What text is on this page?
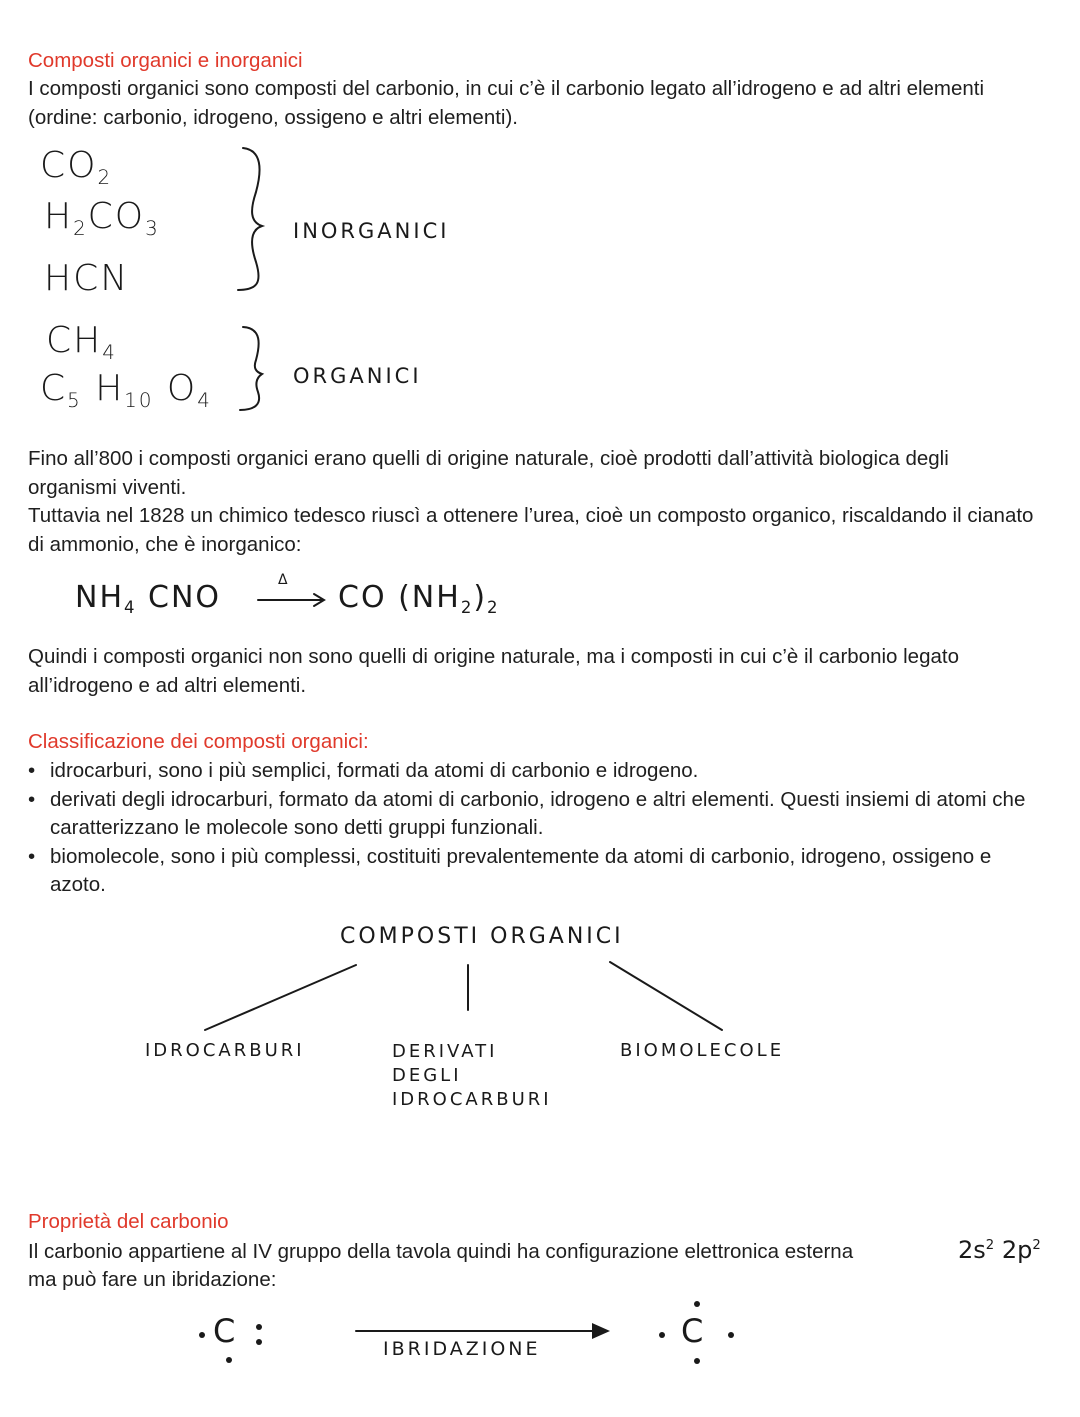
Composti organici e inorganici

I composti organici sono composti del carbonio, in cui c’è il carbonio legato all’idrogeno e ad altri elementi (ordine: carbonio, idrogeno, ossigeno e altri elementi).

CO2
H2CO3
HCN
INORGANICI
CH4
C5 H10 O4
ORGANICI

Fino all’800 i composti organici erano quelli di origine naturale, cioè prodotti dall’attività biologica degli organismi viventi.

Tuttavia nel 1828 un chimico tedesco riuscì a ottenere l’urea, cioè un composto organico, riscaldando il cianato di ammonio, che è inorganico:

NH4 CNO	Δ CO (NH2)2

Quindi i composti organici non sono quelli di origine naturale, ma i composti in cui c’è il carbonio legato all’idrogeno e ad altri elementi.

Classificazione dei composti organici:
• idrocarburi, sono i più semplici, formati da atomi di carbonio e idrogeno.
• derivati degli idrocarburi, formato da atomi di carbonio, idrogeno e altri elementi. Questi insiemi di atomi che caratterizzano le molecole sono detti gruppi funzionali.
• biomolecole, sono i più complessi, costituiti prevalentemente da atomi di carbonio, idrogeno, ossigeno e azoto.
COMPOSTI ORGANICI
IDROCARBURI	DERIVATI
DEGLI
IDROCARBURI
BIOMOLECOLE
Proprietà del carbonio

Il carbonio appartiene al IV gruppo della tavola quindi ha configurazione elettronica esterna	$2s^2$ $2p^2$

ma può fare un ibridazione:

C	C
IBRIDAZIONE
